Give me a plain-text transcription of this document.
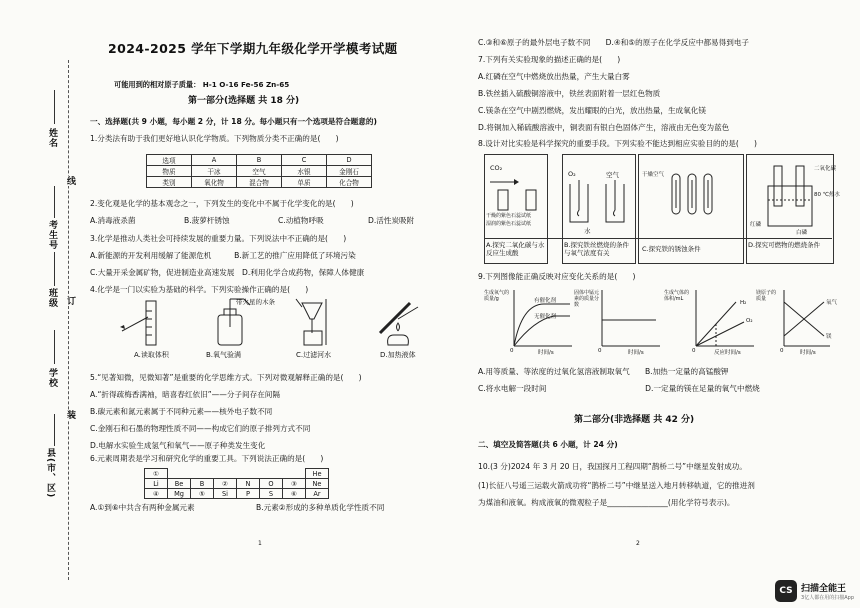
姓名
考生号
班级
学校
县(市、区)
线
订
装
2024-2025 学年下学期九年级化学开学模考试题
可能用到的相对原子质量： H-1 O-16 Fe-56 Zn-65
第一部分(选择题 共 18 分)
一、选择题(共 9 小题，每小题 2 分，计 18 分。每小题只有一个选项是符合题意的)
1.分类法有助于我们更好地认识化学物质。下列物质分类不正确的是(　　)
选项	A	B	C	D
物质	干冰	空气	水银	金刚石
类别	氧化物	混合物	单质	化合物
2.变化观是化学的基本观念之一，下列发生的变化中不属于化学变化的是(　　)
A.消毒液杀菌	B.菠萝杆锈蚀	C.动植物呼吸	D.活性炭吸附
3.化学是推动人类社会可持续发展的重要力量。下列说法中不正确的是(　　)
A.新能源的开发利用缓解了能源危机　　　B.新工艺的推广应用降低了环境污染
C.大量开采金属矿物，促进制造业高速发展　D.利用化学合成药物，保障人体健康
4.化学是一门以实验为基础的科学。下列实验操作正确的是(　　)
带火星的木条
A.读取体积	B.氧气验满	C.过滤河水	D.加热液体
5.“见著知微，见微知著”是重要的化学思维方式。下列对微观解释正确的是(　　)
A.“折得疏梅香满袖，暗喜春红依旧”——分子间存在间隔
B.碳元素和氮元素属于不同种元素——核外电子数不同
C.金刚石和石墨的物理性质不同——构成它们的原子排列方式不同
D.电解水实验生成氢气和氧气——原子种类发生变化
6.元素周期表是学习和研究化学的重要工具。下列说法正确的是(　　)
①							He
Li	Be	B	②	N	O	③	Ne
④	Mg	⑤	Si	P	S	⑥	Ar
A.①到⑥中共含有两种金属元素	B.元素②形成的多种单质化学性质不同
1
C.③和⑥原子的最外层电子数不同　　D.④和⑤的原子在化学反应中都易得到电子
7.下列有关实验现象的描述正确的是(　　)
A.红磷在空气中燃烧放出热量，产生大量白雾
B.铁丝插入硫酸铜溶液中，铁丝表面附着一层红色物质
C.镁条在空气中剧烈燃烧，发出耀眼的白光，放出热量，生成氧化镁
D.将铜加入稀硫酸溶液中，铜表面有银白色固体产生，溶液由无色变为蓝色
8.设计对比实验是科学探究的重要手段。下列实验不能达到相应实验目的的是(　　)
CO₂
干燥的紫色石蕊试纸
湿润的紫色石蕊试纸
O₂	空气
水
干燥空气
二氧化碳
80 ℃热水
红磷
白磷
A.探究二氧化碳与水反应生成酸
B.探究铁丝燃烧的条件与氧气浓度有关	C.探究铁的锈蚀条件	D.探究可燃物的燃烧条件
9.下列图像能正确反映对应变化关系的是(　　)
生成氧气的质量/g	有催化剂
无催化剂
固体中锰元素的质量分数
生成气体的体积/mL
H₂
O₂
镁原子的质量
氧气
镁
时间/s	时间/s	反应时间/s	时间/s
0	0	0	0
A.用等质量、等浓度的过氧化氢溶液制取氧气　　B.加热一定量的高锰酸钾
C.将水电解一段时间　　　　　　　　　　　　　D.一定量的镁在足量的氧气中燃烧
第二部分(非选择题 共 42 分)
二、填空及简答题(共 6 小题，计 24 分)
10.(3 分)2024 年 3 月 20 日，我国探月工程四期“鹊桥二号”中继星发射成功。
(1)长征八号遥三运载火箭成功将“鹊桥二号”中继星送入地月转移轨道，它的推进剂
为煤油和液氧。构成液氧的微观粒子是________________(用化学符号表示)。
2
CS 扫描全能王
3亿人都在用的扫描App
